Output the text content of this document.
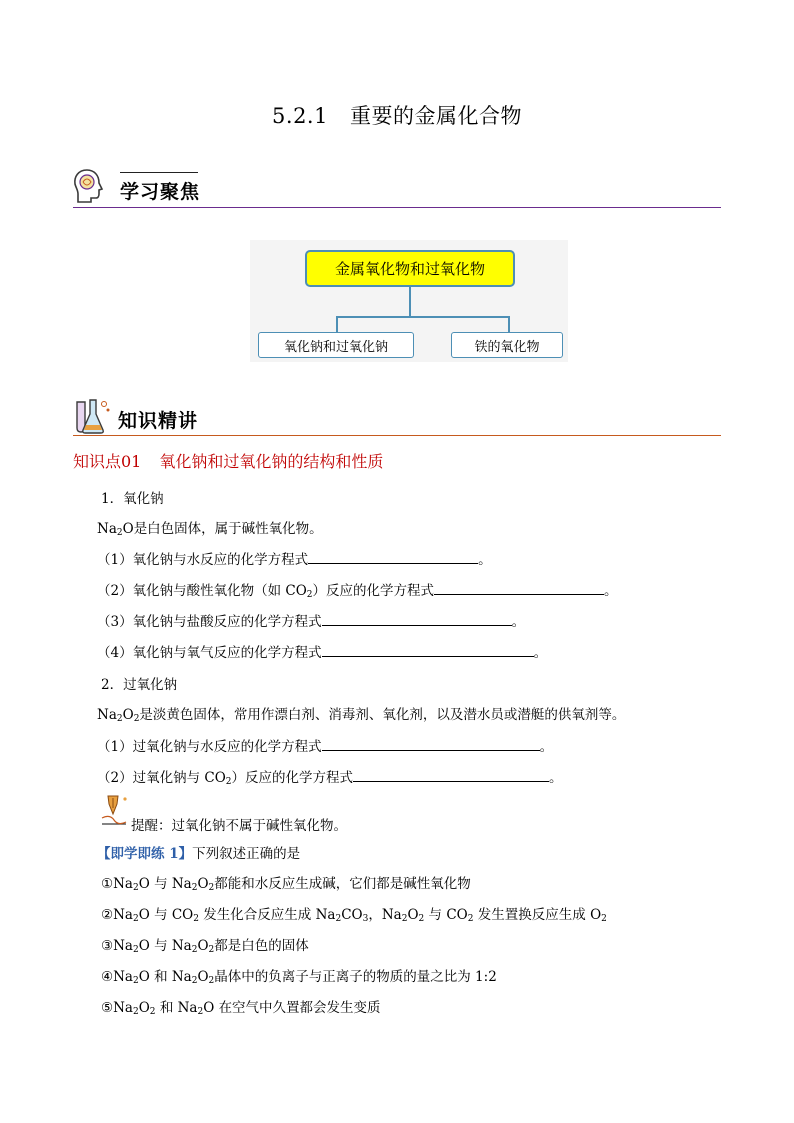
5.2.1 重要的金属化合物
学习聚焦
金属氧化物和过氧化物
氧化钠和过氧化钠	铁的氧化物
知识精讲
知识点01 氧化钠和过氧化钠的结构和性质
1．氧化钠
$Na_2O$是白色固体，属于碱性氧化物。
（1）氧化钠与水反应的化学方程式	。
（2）氧化钠与酸性氧化物（如 $CO_2$）反应的化学方程式	。
（3）氧化钠与盐酸反应的化学方程式	。
（4）氧化钠与氧气反应的化学方程式	。
2．过氧化钠
$Na_2O_2$是淡黄色固体，常用作漂白剂、消毒剂、氧化剂，以及潜水员或潜艇的供氧剂等。
（1）过氧化钠与水反应的化学方程式	。
（2）过氧化钠与 $CO_2$）反应的化学方程式	。
提醒：过氧化钠不属于碱性氧化物。
【即学即练 1】下列叙述正确的是
$①Na_2O$ 与 $Na_2O_2$都能和水反应生成碱，它们都是碱性氧化物
$②Na_2O$ 与 $CO_2$ 发生化合反应生成 $Na_2CO_3$，$Na_2O_2$ 与 $CO_2$ 发生置换反应生成 $O_2$
$③Na_2O$ 与 $Na_2O_2$都是白色的固体
$④Na_2O$ 和 $Na_2O_2$晶体中的负离子与正离子的物质的量之比为 1:2
$⑤Na_2O_2$ 和 $Na_2O$ 在空气中久置都会发生变质
